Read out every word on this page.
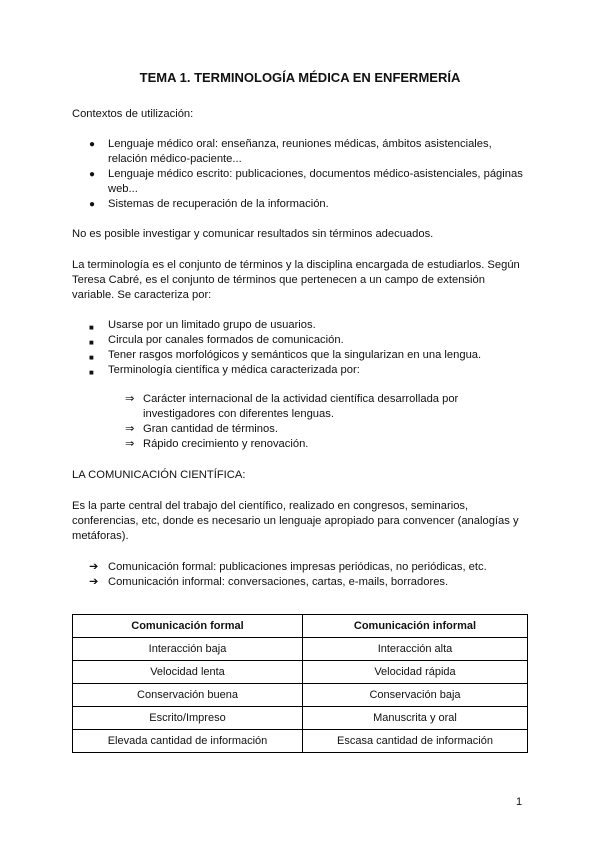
TEMA 1. TERMINOLOGÍA MÉDICA EN ENFERMERÍA

Contextos de utilización:

●	Lenguaje médico oral: enseñanza, reuniones médicas, ámbitos asistenciales, relación médico-paciente...
●	Lenguaje médico escrito: publicaciones, documentos médico-asistenciales, páginas web...
●	Sistemas de recuperación de la información.

No es posible investigar y comunicar resultados sin términos adecuados.

La terminología es el conjunto de términos y la disciplina encargada de estudiarlos. Según Teresa Cabré, es el conjunto de términos que pertenecen a un campo de extensión variable. Se caracteriza por:

■	Usarse por un limitado grupo de usuarios.
■	Circula por canales formados de comunicación.
■	Tener rasgos morfológicos y semánticos que la singularizan en una lengua.
■	Terminología científica y médica caracterizada por:
⇒ Carácter internacional de la actividad científica desarrollada por investigadores con diferentes lenguas.
⇒ Gran cantidad de términos.
⇒ Rápido crecimiento y renovación.

LA COMUNICACIÓN CIENTÍFICA:

Es la parte central del trabajo del científico, realizado en congresos, seminarios, conferencias, etc, donde es necesario un lenguaje apropiado para convencer (analogías y metáforas).

➔ Comunicación formal: publicaciones impresas periódicas, no periódicas, etc.
➔ Comunicación informal: conversaciones, cartas, e-mails, borradores.
Comunicación formal	Comunicación informal
Interacción baja	Interacción alta
Velocidad lenta	Velocidad rápida
Conservación buena	Conservación baja
Escrito/Impreso	Manuscrita y oral
Elevada cantidad de información	Escasa cantidad de información
1
